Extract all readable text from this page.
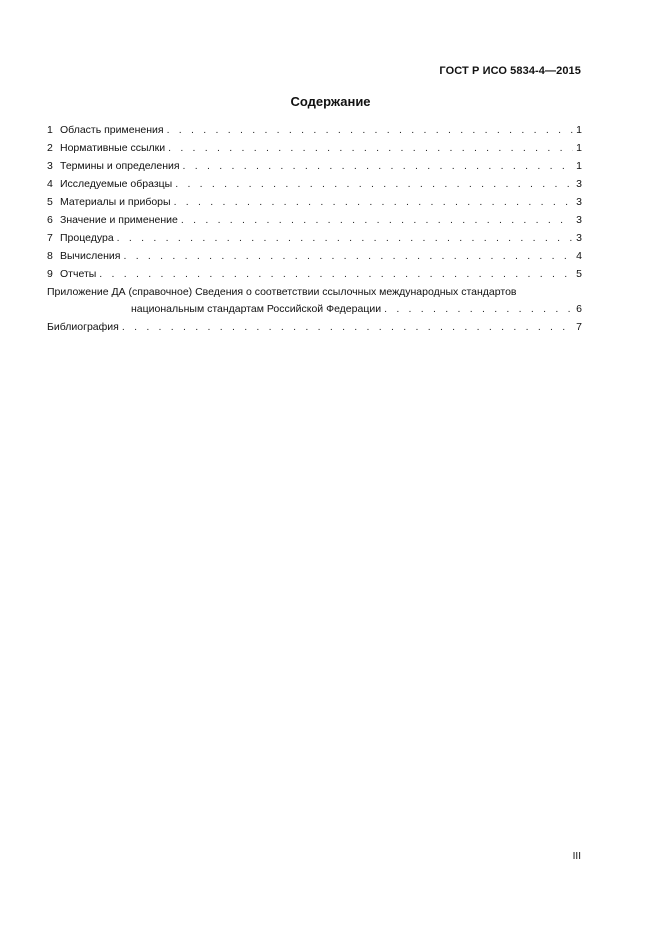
ГОСТ Р ИСО 5834-4—2015
Содержание
1 Область применения . . .	1
2 Нормативные ссылки . . .	1
3 Термины и определения . . .	1
4 Исследуемые образцы . . .	3
5 Материалы и приборы . . .	3
6 Значение и применение . . .	3
7 Процедура . . .	3
8 Вычисления . . .	4
9 Отчеты . . .	5
Приложение ДА (справочное) Сведения о соответствии ссылочных международных стандартов
национальным стандартам Российской Федерации . . .	6
Библиография . . .	7
III
